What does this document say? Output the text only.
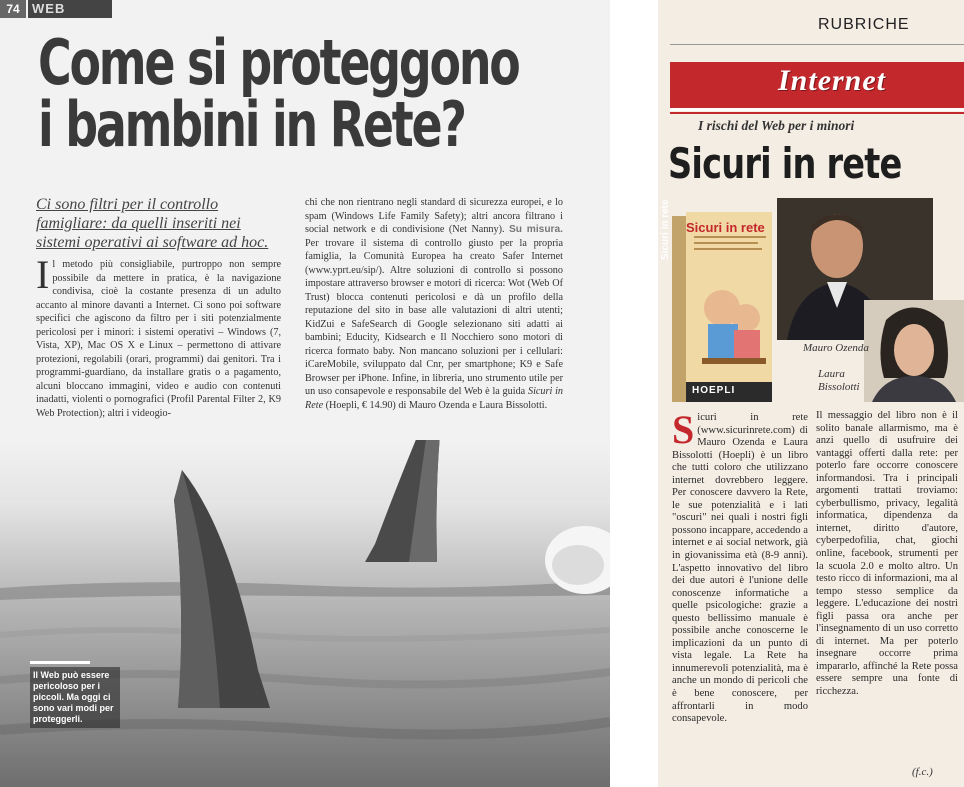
74 WEB
Come si proteggono
i bambini in Rete?

Ci sono filtri per il controllo famigliare: da quelli inseriti nei sistemi operativi ai software ad hoc.

Il metodo più consigliabile, purtroppo non sempre possibile da mettere in pratica, è la navigazione condivisa, cioè la costante presenza di un adulto accanto al minore davanti a Internet. Ci sono poi software specifici che agiscono da filtro per i siti potenzialmente pericolosi per i minori: i sistemi operativi – Windows (7, Vista, XP), Mac OS X e Linux – permettono di attivare protezioni, regolabili (orari, programmi) dai genitori. Tra i programmi-guardiano, da installare gratis o a pagamento, alcuni bloccano immagini, video e audio con contenuti inadatti, violenti o pornografici (Profil Parental Filter 2, K9 Web Protection); altri i videogio-

chi che non rientrano negli standard di sicurezza europei, e lo spam (Windows Life Family Safety); altri ancora filtrano i social network e di condivisione (Net Nanny). Su misura. Per trovare il sistema di controllo giusto per la propria famiglia, la Comunità Europea ha creato Safer Internet (www.yprt.eu/sip/). Altre soluzioni di controllo si possono impostare attraverso browser e motori di ricerca: Wot (Web Of Trust) blocca contenuti pericolosi e dà un profilo della reputazione del sito in base alle valutazioni di altri utenti; KidZui e SafeSearch di Google selezionano siti adatti ai bambini; Educity, Kidsearch e Il Nocchiero sono motori di ricerca formato baby. Non mancano soluzioni per i cellulari: iCareMobile, sviluppato dal Cnr, per smartphone; K9 e Safe Browser per iPhone. Infine, in libreria, uno strumento utile per un uso consapevole e responsabile del Web è la guida Sicuri in Rete (Hoepli, € 14.90) di Mauro Ozenda e Laura Bissolotti.

Il Web può essere pericoloso per i piccoli. Ma oggi ci sono vari modi per proteggerli.

RUBRICHE

Internet

I rischi del Web per i minori

Sicuri in rete

Sicuri in rete

HOEPLI

Sicuri in rete

Mauro Ozenda

Laura Bissolotti

Sicuri in rete (www.sicurinrete.com) di Mauro Ozenda e Laura Bissolotti (Hoepli) è un libro che tutti coloro che utilizzano internet dovrebbero leggere. Per conoscere davvero la Rete, le sue potenzialità e i lati "oscuri" nei quali i nostri figli possono incappare, accedendo a internet e ai social network, già in giovanissima età (8-9 anni). L'aspetto innovativo del libro dei due autori è l'unione delle conoscenze informatiche a quelle psicologiche: grazie a questo bellissimo manuale è possibile anche conoscerne le implicazioni da un punto di vista legale. La Rete ha innumerevoli potenzialità, ma è anche un mondo di pericoli che è bene conoscere, per affrontarli in modo consapevole.

Il messaggio del libro non è il solito banale allarmismo, ma è anzi quello di usufruire dei vantaggi offerti dalla rete: per poterlo fare occorre conoscere informandosi. Tra i principali argomenti trattati troviamo: cyberbullismo, privacy, legalità informatica, dipendenza da internet, diritto d'autore, cyberpedofilia, chat, giochi online, facebook, strumenti per la scuola 2.0 e molto altro. Un testo ricco di informazioni, ma al tempo stesso semplice da leggere. L'educazione dei nostri figli passa ora anche per l'insegnamento di un uso corretto di internet. Ma per poterlo insegnare occorre prima impararlo, affinché la Rete possa essere sempre una fonte di ricchezza.

(f.c.)
